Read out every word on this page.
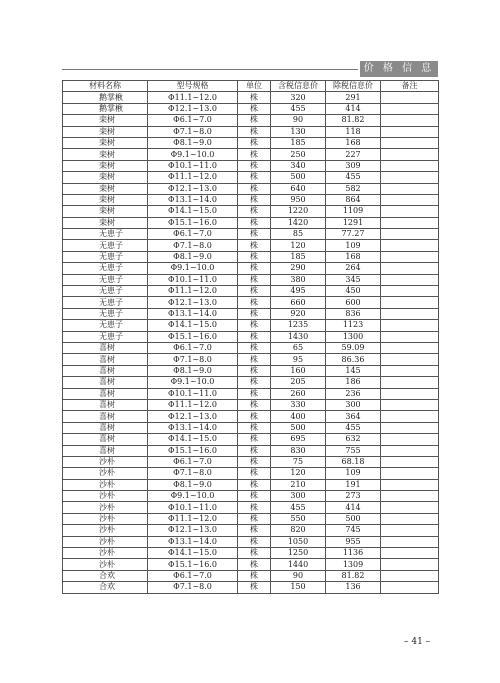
价 格 信 息
材料名称	型号规格	单位	含税信息价	除税信息价	备注
鹅掌楸	Φ11.1~12.0	株	320	291	
鹅掌楸	Φ12.1~13.0	株	455	414	
栾树	Φ6.1~7.0	株	90	81.82	
栾树	Φ7.1~8.0	株	130	118	
栾树	Φ8.1~9.0	株	185	168	
栾树	Φ9.1~10.0	株	250	227	
栾树	Φ10.1~11.0	株	340	309	
栾树	Φ11.1~12.0	株	500	455	
栾树	Φ12.1~13.0	株	640	582	
栾树	Φ13.1~14.0	株	950	864	
栾树	Φ14.1~15.0	株	1220	1109	
栾树	Φ15.1~16.0	株	1420	1291	
无患子	Φ6.1~7.0	株	85	77.27	
无患子	Φ7.1~8.0	株	120	109	
无患子	Φ8.1~9.0	株	185	168	
无患子	Φ9.1~10.0	株	290	264	
无患子	Φ10.1~11.0	株	380	345	
无患子	Φ11.1~12.0	株	495	450	
无患子	Φ12.1~13.0	株	660	600	
无患子	Φ13.1~14.0	株	920	836	
无患子	Φ14.1~15.0	株	1235	1123	
无患子	Φ15.1~16.0	株	1430	1300	
喜树	Φ6.1~7.0	株	65	59.09	
喜树	Φ7.1~8.0	株	95	86.36	
喜树	Φ8.1~9.0	株	160	145	
喜树	Φ9.1~10.0	株	205	186	
喜树	Φ10.1~11.0	株	260	236	
喜树	Φ11.1~12.0	株	330	300	
喜树	Φ12.1~13.0	株	400	364	
喜树	Φ13.1~14.0	株	500	455	
喜树	Φ14.1~15.0	株	695	632	
喜树	Φ15.1~16.0	株	830	755	
沙朴	Φ6.1~7.0	株	75	68.18	
沙朴	Φ7.1~8.0	株	120	109	
沙朴	Φ8.1~9.0	株	210	191	
沙朴	Φ9.1~10.0	株	300	273	
沙朴	Φ10.1~11.0	株	455	414	
沙朴	Φ11.1~12.0	株	550	500	
沙朴	Φ12.1~13.0	株	820	745	
沙朴	Φ13.1~14.0	株	1050	955	
沙朴	Φ14.1~15.0	株	1250	1136	
沙朴	Φ15.1~16.0	株	1440	1309	
合欢	Φ6.1~7.0	株	90	81.82	
合欢	Φ7.1~8.0	株	150	136	
– 41 –
